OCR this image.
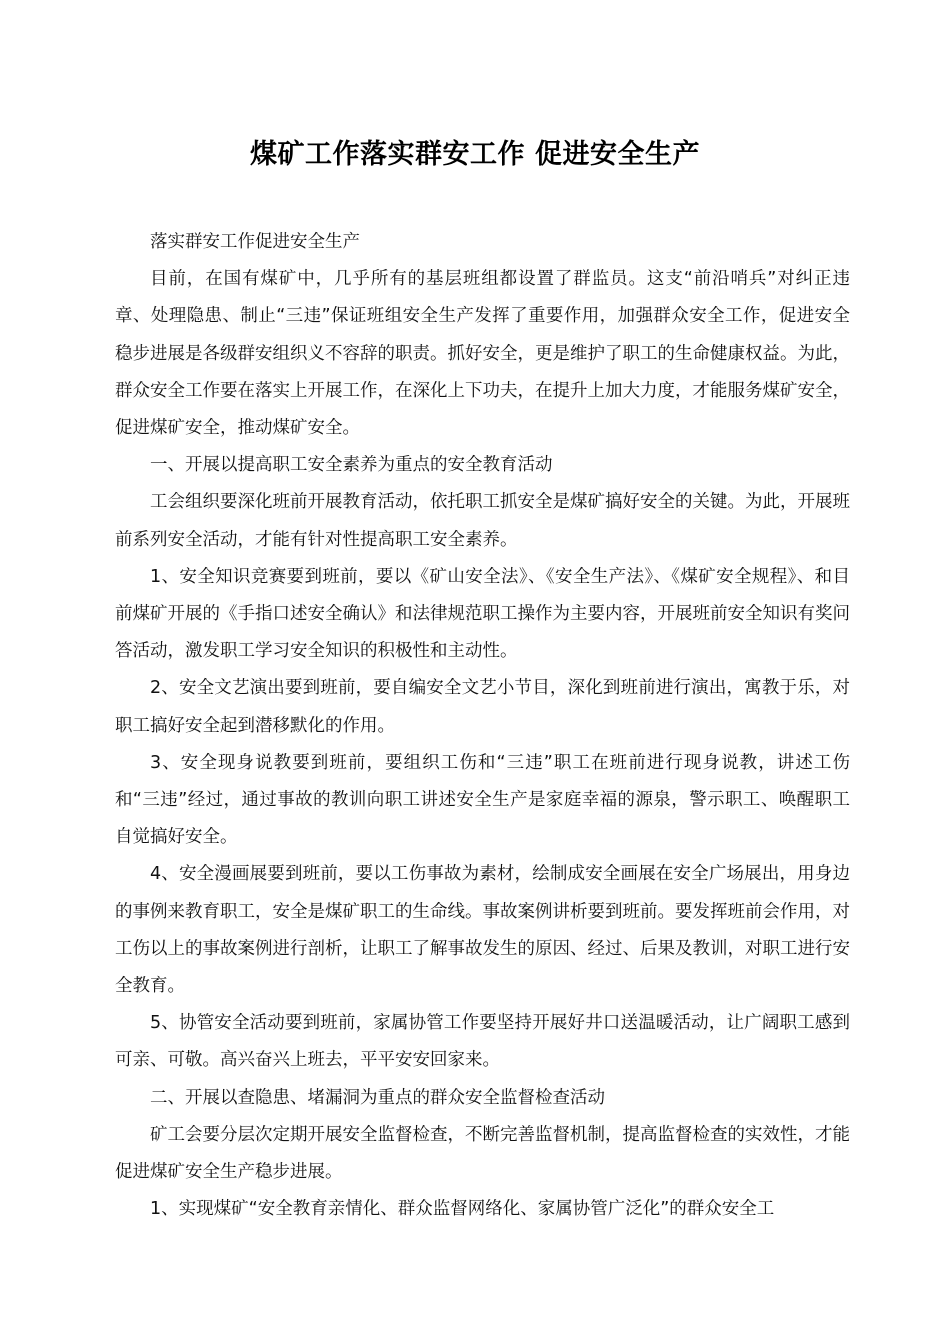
煤矿工作落实群安工作 促进安全生产

落实群安工作促进安全生产

目前，在国有煤矿中，几乎所有的基层班组都设置了群监员。这支“前沿哨兵”对纠正违章、处理隐患、制止“三违”保证班组安全生产发挥了重要作用，加强群众安全工作，促进安全稳步进展是各级群安组织义不容辞的职责。抓好安全，更是维护了职工的生命健康权益。为此，群众安全工作要在落实上开展工作，在深化上下功夫，在提升上加大力度，才能服务煤矿安全，促进煤矿安全，推动煤矿安全。

一、开展以提高职工安全素养为重点的安全教育活动

工会组织要深化班前开展教育活动，依托职工抓安全是煤矿搞好安全的关键。为此，开展班前系列安全活动，才能有针对性提高职工安全素养。

1、安全知识竞赛要到班前，要以《矿山安全法》、《安全生产法》、《煤矿安全规程》、和目前煤矿开展的《手指口述安全确认》和法律规范职工操作为主要内容，开展班前安全知识有奖问答活动，激发职工学习安全知识的积极性和主动性。

2、安全文艺演出要到班前，要自编安全文艺小节目，深化到班前进行演出，寓教于乐，对职工搞好安全起到潜移默化的作用。

3、安全现身说教要到班前，要组织工伤和“三违”职工在班前进行现身说教，讲述工伤和“三违”经过，通过事故的教训向职工讲述安全生产是家庭幸福的源泉，警示职工、唤醒职工自觉搞好安全。

4、安全漫画展要到班前，要以工伤事故为素材，绘制成安全画展在安全广场展出，用身边的事例来教育职工，安全是煤矿职工的生命线。事故案例讲析要到班前。要发挥班前会作用，对工伤以上的事故案例进行剖析，让职工了解事故发生的原因、经过、后果及教训，对职工进行安全教育。

5、协管安全活动要到班前，家属协管工作要坚持开展好井口送温暖活动，让广阔职工感到可亲、可敬。高兴奋兴上班去，平平安安回家来。

二、开展以查隐患、堵漏洞为重点的群众安全监督检查活动

矿工会要分层次定期开展安全监督检查，不断完善监督机制，提高监督检查的实效性，才能促进煤矿安全生产稳步进展。

1、实现煤矿“安全教育亲情化、群众监督网络化、家属协管广泛化”的群众安全工
